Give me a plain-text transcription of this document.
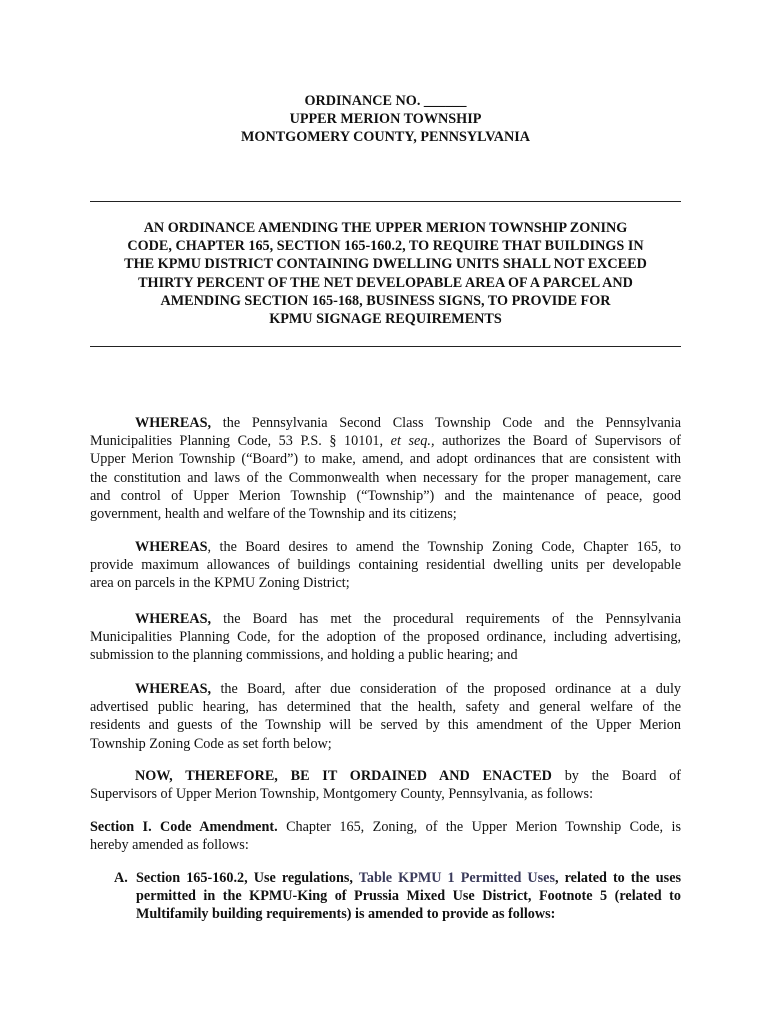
ORDINANCE NO. ______
UPPER MERION TOWNSHIP
MONTGOMERY COUNTY, PENNSYLVANIA
AN ORDINANCE AMENDING THE UPPER MERION TOWNSHIP ZONING
CODE, CHAPTER 165, SECTION 165-160.2, TO REQUIRE THAT BUILDINGS IN
THE KPMU DISTRICT CONTAINING DWELLING UNITS SHALL NOT EXCEED
THIRTY PERCENT OF THE NET DEVELOPABLE AREA OF A PARCEL AND
AMENDING SECTION 165-168, BUSINESS SIGNS, TO PROVIDE FOR
KPMU SIGNAGE REQUIREMENTS
WHEREAS, the Pennsylvania Second Class Township Code and the Pennsylvania
Municipalities Planning Code, 53 P.S. § 10101, et seq., authorizes the Board of Supervisors of
Upper Merion Township (“Board”) to make, amend, and adopt ordinances that are consistent with
the constitution and laws of the Commonwealth when necessary for the proper management, care
and control of Upper Merion Township (“Township”) and the maintenance of peace, good
government, health and welfare of the Township and its citizens;
WHEREAS, the Board desires to amend the Township Zoning Code, Chapter 165, to
provide maximum allowances of buildings containing residential dwelling units per developable
area on parcels in the KPMU Zoning District;
WHEREAS, the Board has met the procedural requirements of the Pennsylvania
Municipalities Planning Code, for the adoption of the proposed ordinance, including advertising,
submission to the planning commissions, and holding a public hearing; and
WHEREAS, the Board, after due consideration of the proposed ordinance at a duly
advertised public hearing, has determined that the health, safety and general welfare of the
residents and guests of the Township will be served by this amendment of the Upper Merion
Township Zoning Code as set forth below;
NOW, THEREFORE, BE IT ORDAINED AND ENACTED by the Board of
Supervisors of Upper Merion Township, Montgomery County, Pennsylvania, as follows:
Section I. Code Amendment. Chapter 165, Zoning, of the Upper Merion Township Code, is
hereby amended as follows:
A. Section 165-160.2, Use regulations, Table KPMU 1 Permitted Uses, related to the uses
permitted in the KPMU-King of Prussia Mixed Use District, Footnote 5 (related to
Multifamily building requirements) is amended to provide as follows:
